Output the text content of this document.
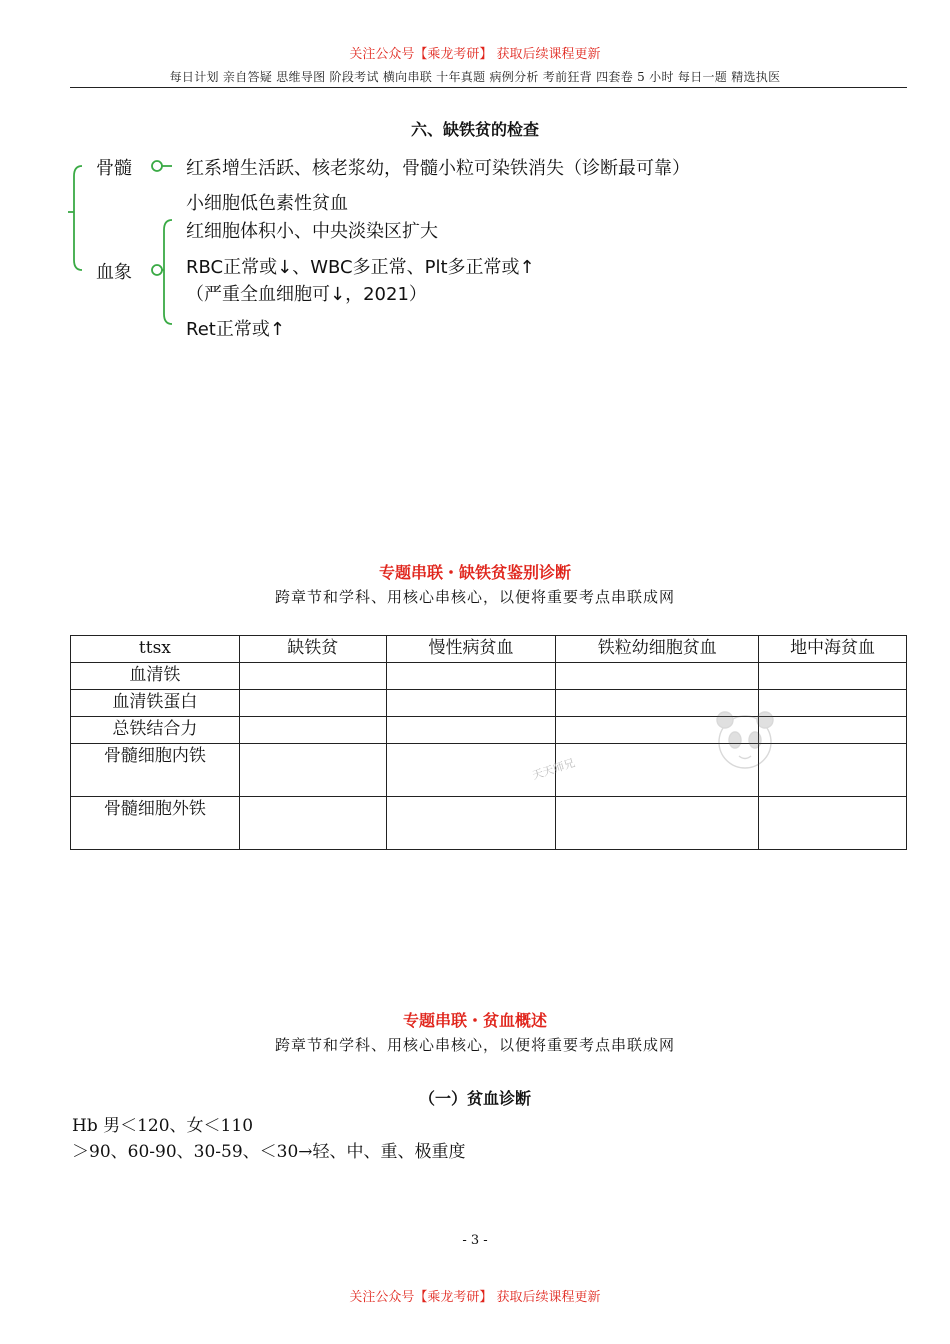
关注公众号【乘龙考研】 获取后续课程更新
每日计划 亲自答疑 思维导图 阶段考试 横向串联 十年真题 病例分析 考前狂背 四套卷 5 小时 每日一题 精选执医
六、缺铁贫的检查
骨髓	红系增生活跃、核老浆幼，骨髓小粒可染铁消失（诊断最可靠）
血象
小细胞低色素性贫血
红细胞体积小、中央淡染区扩大
RBC正常或↓、WBC多正常、Plt多正常或↑
（严重全血细胞可↓，2021）
Ret正常或↑
专题串联・缺铁贫鉴别诊断
跨章节和学科、用核心串核心，以便将重要考点串联成网
ttsx	缺铁贫	慢性病贫血	铁粒幼细胞贫血	地中海贫血
血清铁				
血清铁蛋白				
总铁结合力				
骨髓细胞内铁				
骨髓细胞外铁				
天天师兄
专题串联・贫血概述
跨章节和学科、用核心串核心，以便将重要考点串联成网
（一）贫血诊断
Hb 男＜120、女＜110
＞90、60-90、30-59、＜30→轻、中、重、极重度
- 3 -
关注公众号【乘龙考研】 获取后续课程更新
